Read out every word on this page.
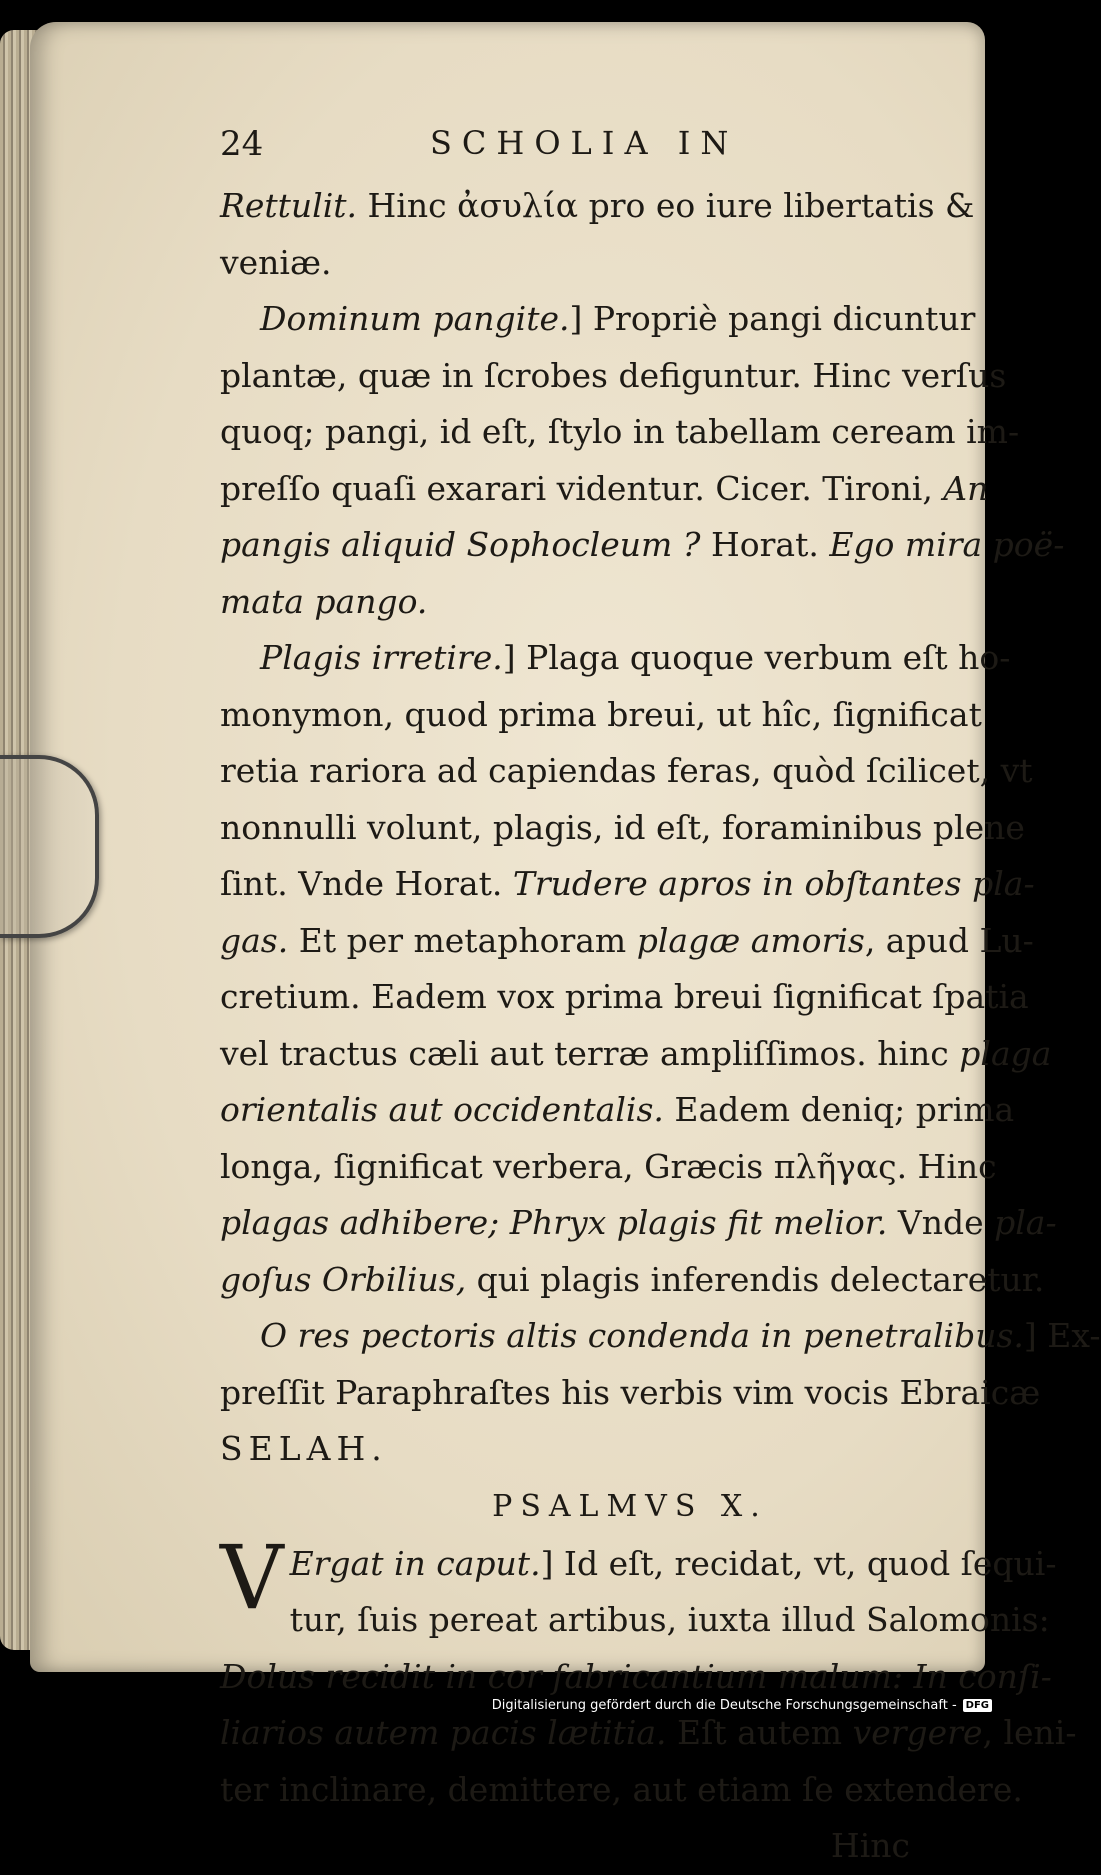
24	SCHOLIA IN
Rettulit. Hinc ἀσυλία pro eo iure libertatis &
veniæ.
Dominum pangite.] Propriè pangi dicuntur
plantæ, quæ in ſcrobes defiguntur. Hinc verſus
quoq; pangi, id eſt, ſtylo in tabellam ceream im-
preſſo quaſi exarari videntur. Cicer. Tironi, An
pangis aliquid Sophocleum ? Horat. Ego mira poë-
mata pango.
Plagis irretire.] Plaga quoque verbum eſt ho-
monymon, quod prima breui, ut hîc, ſignificat
retia rariora ad capiendas feras, quòd ſcilicet, vt
nonnulli volunt, plagis, id eſt, foraminibus plene
ſint. Vnde Horat. Trudere apros in obſtantes pla-
gas. Et per metaphoram plagæ amoris, apud Lu-
cretium. Eadem vox prima breui ſignificat ſpatia
vel tractus cæli aut terræ ampliſſimos. hinc plaga
orientalis aut occidentalis. Eadem deniq; prima
longa, ſignificat verbera, Græcis πλῆγας. Hinc
plagas adhibere; Phryx plagis fit melior. Vnde pla-
goſus Orbilius, qui plagis inferendis delectaretur.
O res pectoris altis condenda in penetralibus.] Ex-
preſſit Paraphraſtes his verbis vim vocis Ebraicæ
SELAH.
PSALMVS X.
V Ergat in caput.] Id eſt, recidat, vt, quod ſequi-
tur, ſuis pereat artibus, iuxta illud Salomonis:
Dolus recidit in cor fabricantium malum: In conſi-
liarios autem pacis lætitia. Eſt autem vergere, leni-
ter inclinare, demittere, aut etiam ſe extendere.
Hinc
Digitalisierung gefördert durch die Deutsche Forschungsgemeinschaft - DFG
